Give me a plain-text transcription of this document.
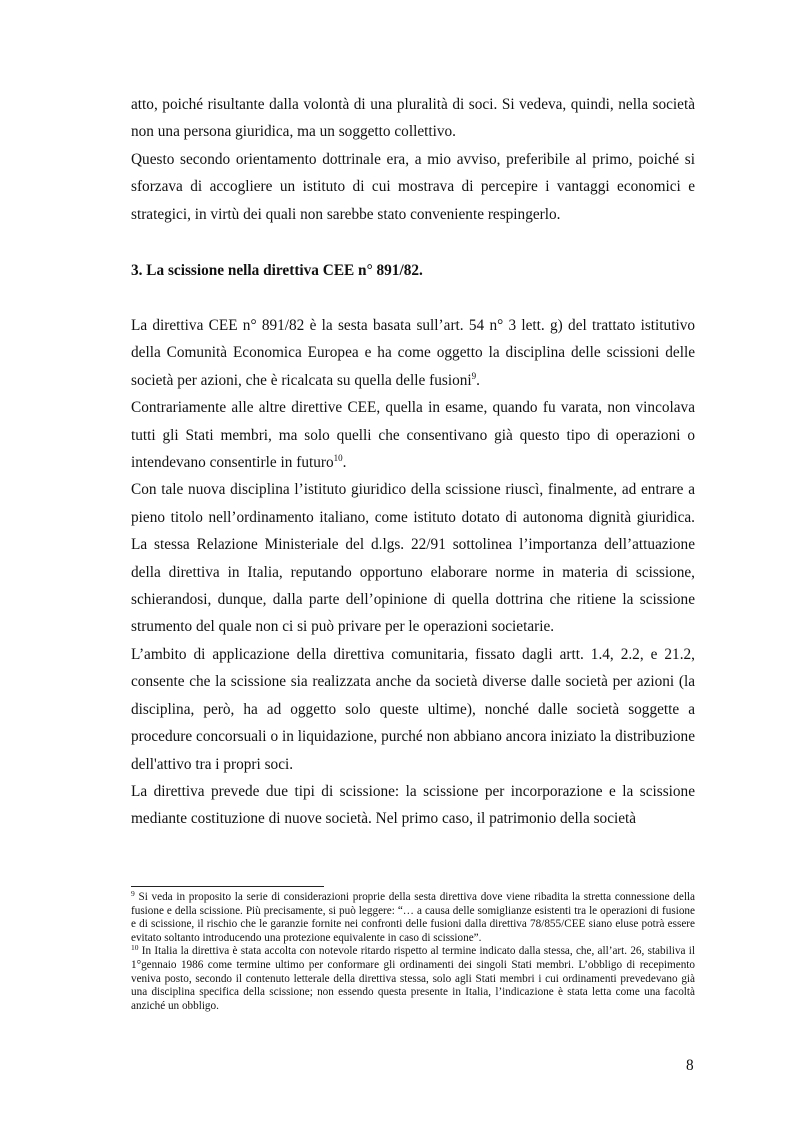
atto, poiché risultante dalla volontà di una pluralità di soci. Si vedeva, quindi, nella società non una persona giuridica, ma un soggetto collettivo.

Questo secondo orientamento dottrinale era, a mio avviso, preferibile al primo, poiché si sforzava di accogliere un istituto di cui mostrava di percepire i vantaggi economici e strategici, in virtù dei quali non sarebbe stato conveniente respingerlo.

3. La scissione nella direttiva CEE n° 891/82.

La direttiva CEE n° 891/82 è la sesta basata sull’art. 54 n° 3 lett. g) del trattato istitutivo della Comunità Economica Europea e ha come oggetto la disciplina delle scissioni delle società per azioni, che è ricalcata su quella delle fusioni$^9$.

Contrariamente alle altre direttive CEE, quella in esame, quando fu varata, non vincolava tutti gli Stati membri, ma solo quelli che consentivano già questo tipo di operazioni o intendevano consentirle in futuro$^{10}$.

Con tale nuova disciplina l’istituto giuridico della scissione riuscì, finalmente, ad entrare a pieno titolo nell’ordinamento italiano, come istituto dotato di autonoma dignità giuridica. La stessa Relazione Ministeriale del d.lgs. 22/91 sottolinea l’importanza dell’attuazione della direttiva in Italia, reputando opportuno elaborare norme in materia di scissione, schierandosi, dunque, dalla parte dell’opinione di quella dottrina che ritiene la scissione strumento del quale non ci si può privare per le operazioni societarie.

L’ambito di applicazione della direttiva comunitaria, fissato dagli artt. 1.4, 2.2, e 21.2, consente che la scissione sia realizzata anche da società diverse dalle società per azioni (la disciplina, però, ha ad oggetto solo queste ultime), nonché dalle società soggette a procedure concorsuali o in liquidazione, purché non abbiano ancora iniziato la distribuzione dell'attivo tra i propri soci.

La direttiva prevede due tipi di scissione: la scissione per incorporazione e la scissione mediante costituzione di nuove società. Nel primo caso, il patrimonio della società

$^9$ Si veda in proposito la serie di considerazioni proprie della sesta direttiva dove viene ribadita la stretta connessione della fusione e della scissione. Più precisamente, si può leggere: “… a causa delle somiglianze esistenti tra le operazioni di fusione e di scissione, il rischio che le garanzie fornite nei confronti delle fusioni dalla direttiva 78/855/CEE siano eluse potrà essere evitato soltanto introducendo una protezione equivalente in caso di scissione”.

$^{10}$ In Italia la direttiva è stata accolta con notevole ritardo rispetto al termine indicato dalla stessa, che, all’art. 26, stabiliva il 1°gennaio 1986 come termine ultimo per conformare gli ordinamenti dei singoli Stati membri. L’obbligo di recepimento veniva posto, secondo il contenuto letterale della direttiva stessa, solo agli Stati membri i cui ordinamenti prevedevano già una disciplina specifica della scissione; non essendo questa presente in Italia, l’indicazione è stata letta come una facoltà anziché un obbligo.

8
